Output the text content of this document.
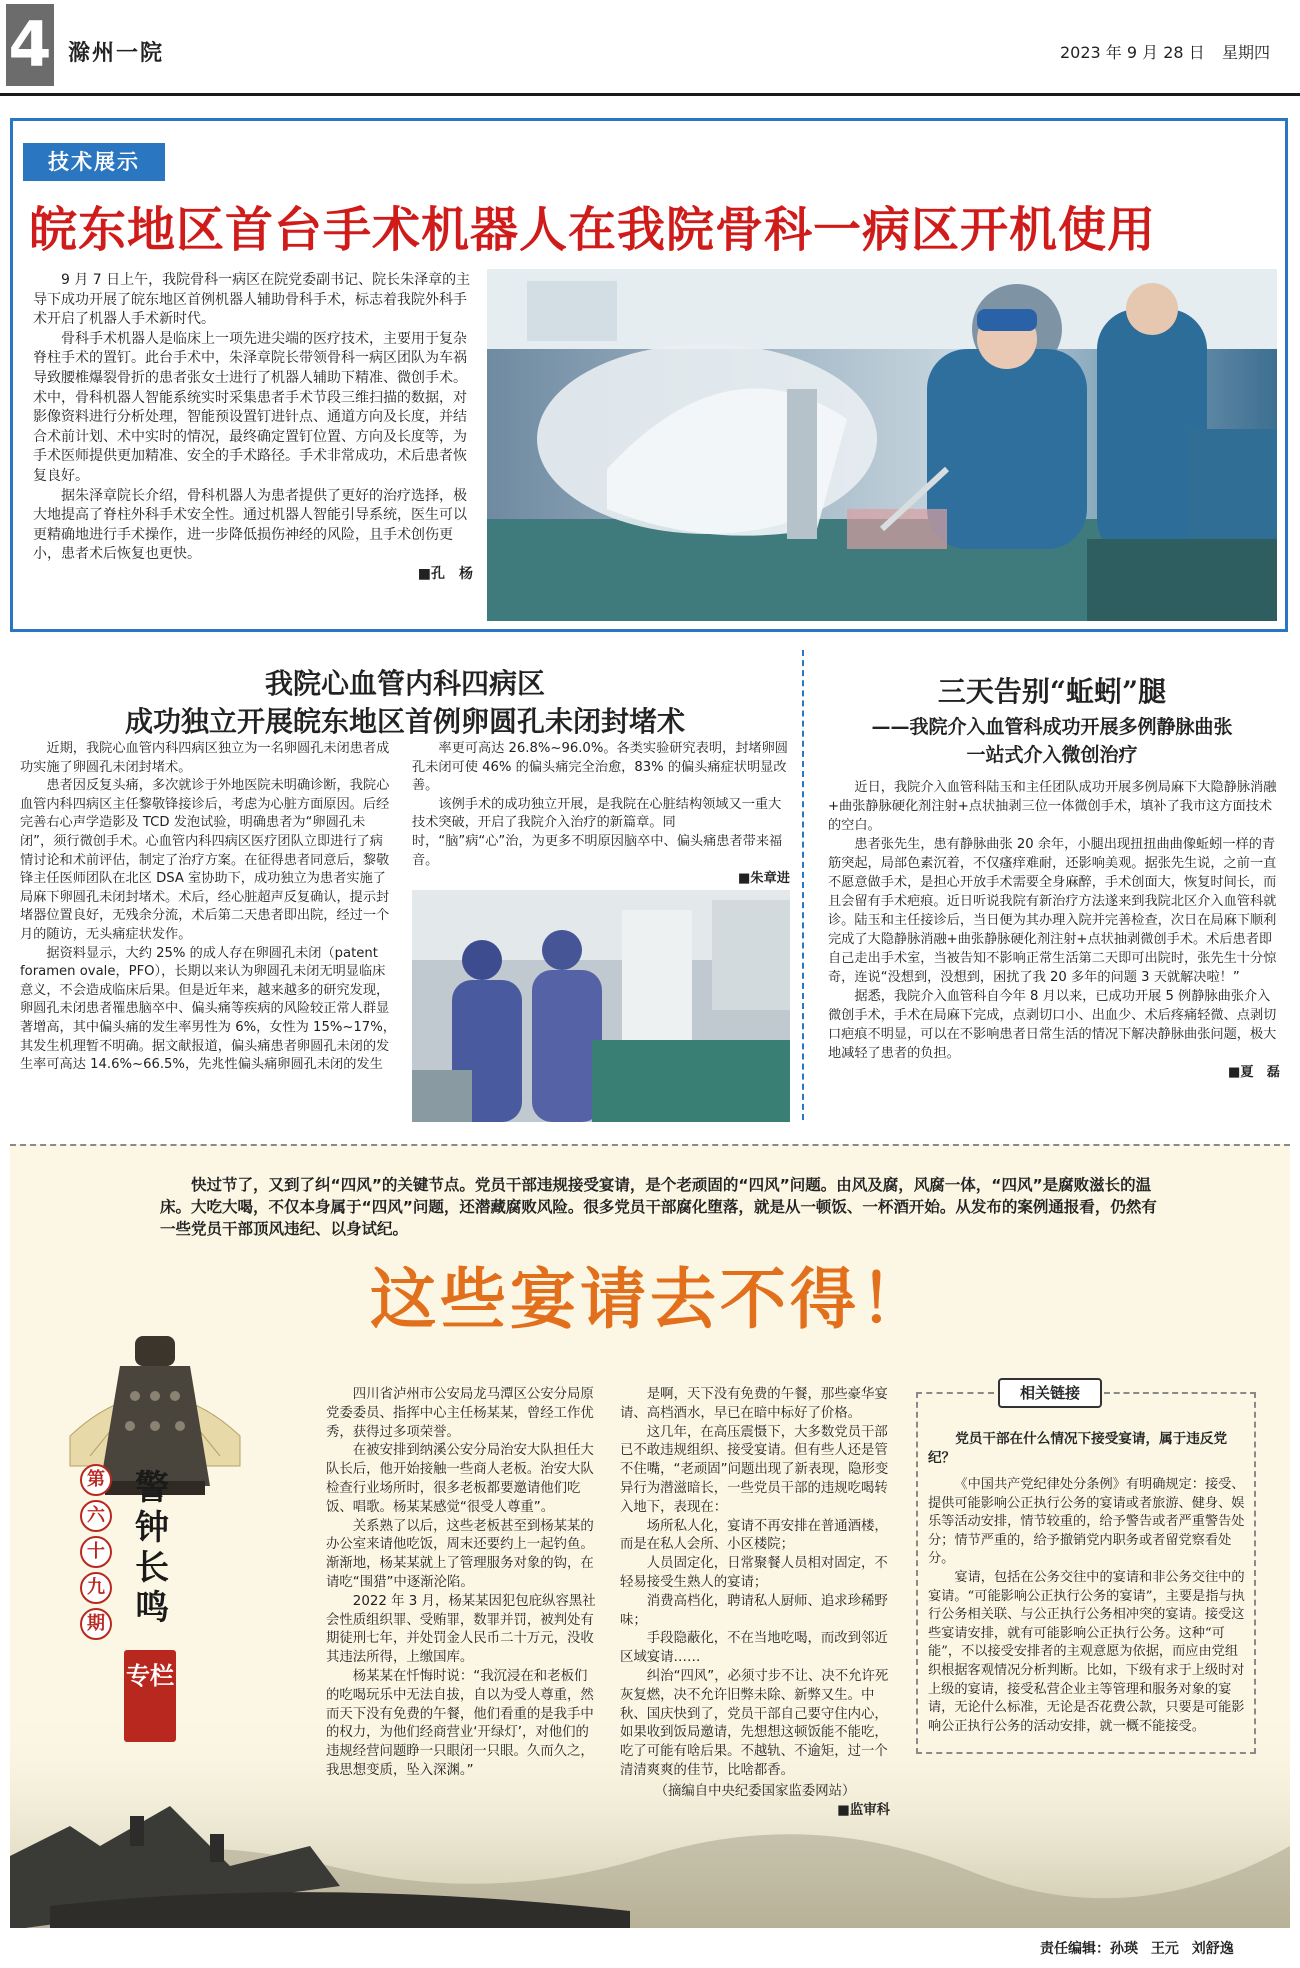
4 滁州一院	2023 年 9 月 28 日 星期四
技术展示
皖东地区首台手术机器人在我院骨科一病区开机使用

9 月 7 日上午，我院骨科一病区在院党委副书记、院长朱泽章的主导下成功开展了皖东地区首例机器人辅助骨科手术，标志着我院外科手术开启了机器人手术新时代。

骨科手术机器人是临床上一项先进尖端的医疗技术，主要用于复杂脊柱手术的置钉。此台手术中，朱泽章院长带领骨科一病区团队为车祸导致腰椎爆裂骨折的患者张女士进行了机器人辅助下精准、微创手术。术中，骨科机器人智能系统实时采集患者手术节段三维扫描的数据，对影像资料进行分析处理，智能预设置钉进针点、通道方向及长度，并结合术前计划、术中实时的情况，最终确定置钉位置、方向及长度等，为手术医师提供更加精准、安全的手术路径。手术非常成功，术后患者恢复良好。

据朱泽章院长介绍，骨科机器人为患者提供了更好的治疗选择，极大地提高了脊柱外科手术安全性。通过机器人智能引导系统，医生可以更精确地进行手术操作，进一步降低损伤神经的风险，且手术创伤更小，患者术后恢复也更快。

■孔　杨
我院心血管内科四病区
成功独立开展皖东地区首例卵圆孔未闭封堵术

近期，我院心血管内科四病区独立为一名卵圆孔未闭患者成功实施了卵圆孔未闭封堵术。

患者因反复头痛，多次就诊于外地医院未明确诊断，我院心血管内科四病区主任黎敬锋接诊后，考虑为心脏方面原因。后经完善右心声学造影及 TCD 发泡试验，明确患者为“卵圆孔未闭”，须行微创手术。心血管内科四病区医疗团队立即进行了病情讨论和术前评估，制定了治疗方案。在征得患者同意后，黎敬锋主任医师团队在北区 DSA 室协助下，成功独立为患者实施了局麻下卵圆孔未闭封堵术。术后，经心脏超声反复确认，提示封堵器位置良好，无残余分流，术后第二天患者即出院，经过一个月的随访，无头痛症状发作。

据资料显示，大约 25% 的成人存在卵圆孔未闭（patent foramen ovale，PFO），长期以来认为卵圆孔未闭无明显临床意义，不会造成临床后果。但是近年来，越来越多的研究发现，卵圆孔未闭患者罹患脑卒中、偏头痛等疾病的风险较正常人群显著增高，其中偏头痛的发生率男性为 6%，女性为 15%~17%，其发生机理暂不明确。据文献报道，偏头痛患者卵圆孔未闭的发生率可高达 14.6%~66.5%，先兆性偏头痛卵圆孔未闭的发生

率更可高达 26.8%~96.0%。各类实验研究表明，封堵卵圆孔未闭可使 46% 的偏头痛完全治愈，83% 的偏头痛症状明显改善。

该例手术的成功独立开展，是我院在心脏结构领域又一重大技术突破，开启了我院介入治疗的新篇章。同时，“脑”病“心”治，为更多不明原因脑卒中、偏头痛患者带来福音。

■朱章进
三天告别“蚯蚓”腿
——我院介入血管科成功开展多例静脉曲张
一站式介入微创治疗

近日，我院介入血管科陆玉和主任团队成功开展多例局麻下大隐静脉消融+曲张静脉硬化剂注射+点状抽剥三位一体微创手术，填补了我市这方面技术的空白。

患者张先生，患有静脉曲张 20 余年，小腿出现扭扭曲曲像蚯蚓一样的青筋突起，局部色素沉着，不仅瘙痒难耐，还影响美观。据张先生说，之前一直不愿意做手术，是担心开放手术需要全身麻醉，手术创面大，恢复时间长，而且会留有手术疤痕。近日听说我院有新治疗方法遂来到我院北区介入血管科就诊。陆玉和主任接诊后，当日便为其办理入院并完善检查，次日在局麻下顺利完成了大隐静脉消融+曲张静脉硬化剂注射+点状抽剥微创手术。术后患者即自己走出手术室，当被告知不影响正常生活第二天即可出院时，张先生十分惊奇，连说“没想到，没想到，困扰了我 20 多年的问题 3 天就解决啦！”

据悉，我院介入血管科自今年 8 月以来，已成功开展 5 例静脉曲张介入微创手术，手术在局麻下完成，点剥切口小、出血少、术后疼痛轻微、点剥切口疤痕不明显，可以在不影响患者日常生活的情况下解决静脉曲张问题，极大地减轻了患者的负担。

■夏　磊
快过节了，又到了纠“四风”的关键节点。党员干部违规接受宴请，是个老顽固的“四风”问题。由风及腐，风腐一体，“四风”是腐败滋长的温床。大吃大喝，不仅本身属于“四风”问题，还潜藏腐败风险。很多党员干部腐化堕落，就是从一顿饭、一杯酒开始。从发布的案例通报看，仍然有一些党员干部顶风违纪、以身试纪。
这些宴请去不得！
第
六
十
九
期
警钟长鸣
专栏

四川省泸州市公安局龙马潭区公安分局原党委委员、指挥中心主任杨某某，曾经工作优秀，获得过多项荣誉。

在被安排到纳溪公安分局治安大队担任大队长后，他开始接触一些商人老板。治安大队检查行业场所时，很多老板都要邀请他们吃饭、唱歌。杨某某感觉“很受人尊重”。

关系熟了以后，这些老板甚至到杨某某的办公室来请他吃饭，周末还要约上一起钓鱼。渐渐地，杨某某就上了管理服务对象的钩，在请吃“围猎”中逐渐沦陷。

2022 年 3 月，杨某某因犯包庇纵容黑社会性质组织罪、受贿罪，数罪并罚，被判处有期徒刑七年，并处罚金人民币二十万元，没收其违法所得，上缴国库。

杨某某在忏悔时说：“我沉浸在和老板们的吃喝玩乐中无法自拔，自以为受人尊重，然而天下没有免费的午餐，他们看重的是我手中的权力，为他们经商营业‘开绿灯’，对他们的违规经营问题睁一只眼闭一只眼。久而久之，我思想变质，坠入深渊。”

是啊，天下没有免费的午餐，那些豪华宴请、高档酒水，早已在暗中标好了价格。

这几年，在高压震慑下，大多数党员干部已不敢违规组织、接受宴请。但有些人还是管不住嘴，“老顽固”问题出现了新表现，隐形变异行为潜滋暗长，一些党员干部的违规吃喝转入地下，表现在：

场所私人化，宴请不再安排在普通酒楼，而是在私人会所、小区楼院；

人员固定化，日常聚餐人员相对固定，不轻易接受生熟人的宴请；

消费高档化，聘请私人厨师、追求珍稀野味；

手段隐蔽化，不在当地吃喝，而改到邻近区域宴请……

纠治“四风”，必须寸步不让、决不允许死灰复燃，决不允许旧弊未除、新弊又生。中秋、国庆快到了，党员干部自己要守住内心，如果收到饭局邀请，先想想这顿饭能不能吃，吃了可能有啥后果。不越轨、不逾矩，过一个清清爽爽的佳节，比啥都香。

（摘编自中央纪委国家监委网站）
■监审科
相关链接
党员干部在什么情况下接受宴请，属于违反党纪？

《中国共产党纪律处分条例》有明确规定：接受、提供可能影响公正执行公务的宴请或者旅游、健身、娱乐等活动安排，情节较重的，给予警告或者严重警告处分；情节严重的，给予撤销党内职务或者留党察看处分。

宴请，包括在公务交往中的宴请和非公务交往中的宴请。“可能影响公正执行公务的宴请”，主要是指与执行公务相关联、与公正执行公务相冲突的宴请。接受这些宴请安排，就有可能影响公正执行公务。这种“可能”，不以接受安排者的主观意愿为依据，而应由党组织根据客观情况分析判断。比如，下级有求于上级时对上级的宴请，接受私营企业主等管理和服务对象的宴请，无论什么标准，无论是否花费公款，只要是可能影响公正执行公务的活动安排，就一概不能接受。

责任编辑：孙瑛 王元 刘舒逸
